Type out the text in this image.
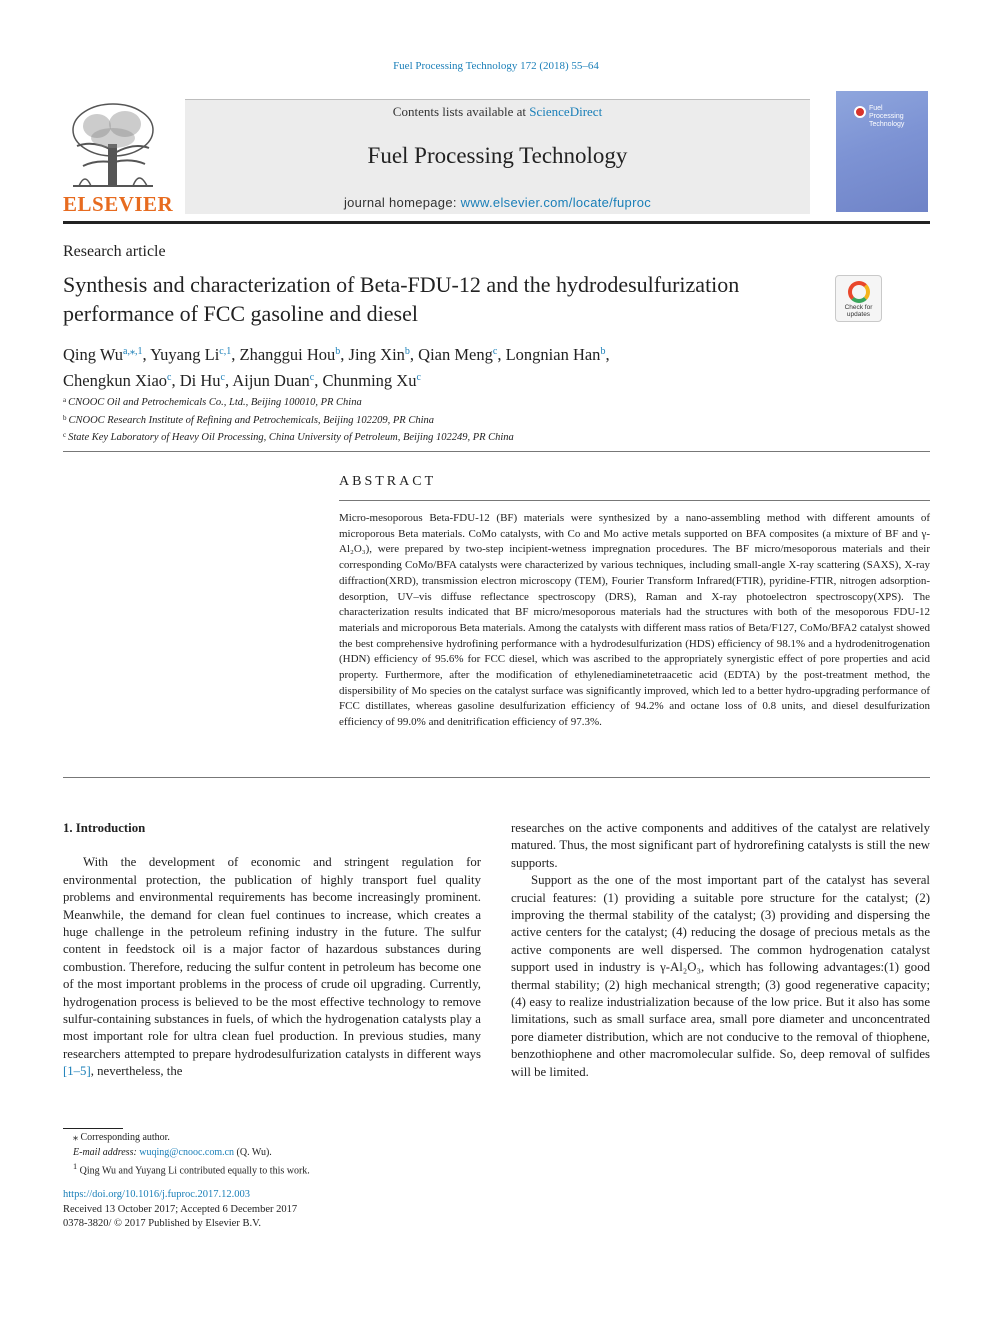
Fuel Processing Technology 172 (2018) 55–64
ELSEVIER
Contents lists available at ScienceDirect
Fuel Processing Technology
journal homepage: www.elsevier.com/locate/fuproc
Fuel
Processing
Technology
Research article
Synthesis and characterization of Beta-FDU-12 and the hydrodesulfurization performance of FCC gasoline and diesel	Check for
updates
Qing $Wu^{a,⁎,1}$, Yuyang Li$^{c,1}$, Zhanggui Hou$^b$, Jing Xin$^b$, Qian Meng$^c$, Longnian Han$^b$,
Chengkun Xiao$^c$, Di Hu$^c$, Aijun Duan$^c$, Chunming Xu$^c$
$^a$ CNOOC Oil and Petrochemicals Co., Ltd., Beijing 100010, PR China
$^b$ CNOOC Research Institute of Refining and Petrochemicals, Beijing 102209, PR China
$^c$ State Key Laboratory of Heavy Oil Processing, China University of Petroleum, Beijing 102249, PR China
ABSTRACT
Micro-mesoporous Beta-FDU-12 (BF) materials were synthesized by a nano-assembling method with different amounts of microporous Beta materials. CoMo catalysts, with Co and Mo active metals supported on BFA composites (a mixture of BF and γ-Al₂O₃), were prepared by two-step incipient-wetness impregnation procedures. The BF micro/mesoporous materials and their corresponding CoMo/BFA catalysts were characterized by various techniques, including small-angle X-ray scattering (SAXS), X-ray diffraction(XRD), transmission electron microscopy (TEM), Fourier Transform Infrared(FTIR), pyridine-FTIR, nitrogen adsorption-desorption, UV–vis diffuse reflectance spectroscopy (DRS), Raman and X-ray photoelectron spectroscopy(XPS). The characterization results indicated that BF micro/mesoporous materials had the structures with both of the mesoporous FDU-12 materials and microporous Beta materials. Among the catalysts with different mass ratios of Beta/F127, CoMo/BFA2 catalyst showed the best comprehensive hydrofining performance with a hydrodesulfurization (HDS) efficiency of 98.1% and a hydrodenitrogenation (HDN) efficiency of 95.6% for FCC diesel, which was ascribed to the appropriately synergistic effect of pore properties and acid property. Furthermore, after the modification of ethylenediaminetetraacetic acid (EDTA) by the post-treatment method, the dispersibility of Mo species on the catalyst surface was significantly improved, which led to a better hydro-upgrading performance of FCC distillates, whereas gasoline desulfurization efficiency of 94.2% and octane loss of 0.8 units, and diesel desulfurization efficiency of 99.0% and denitrification efficiency of 97.3%.
1. Introduction
With the development of economic and stringent regulation for environmental protection, the publication of highly transport fuel quality problems and environmental requirements has become increasingly prominent. Meanwhile, the demand for clean fuel continues to increase, which creates a huge challenge in the petroleum refining industry in the future. The sulfur content in feedstock oil is a major factor of hazardous substances during combustion. Therefore, reducing the sulfur content in petroleum has become one of the most important problems in the process of crude oil upgrading. Currently, hydrogenation process is believed to be the most effective technology to remove sulfur-containing substances in fuels, of which the hydrogenation catalysts play a most important role for ultra clean fuel production. In previous studies, many researchers attempted to prepare hydrodesulfurization catalysts in different ways [1–5], nevertheless, the
researches on the active components and additives of the catalyst are relatively matured. Thus, the most significant part of hydrorefining catalysts is still the new supports.
Support as the one of the most important part of the catalyst has several crucial features: (1) providing a suitable pore structure for the catalyst; (2) improving the thermal stability of the catalyst; (3) providing and dispersing the active centers for the catalyst; (4) reducing the dosage of precious metals as the active components are well dispersed. The common hydrogenation catalyst support used in industry is γ-Al₂O₃, which has following advantages:(1) good thermal stability; (2) high mechanical strength; (3) good regenerative capacity; (4) easy to realize industrialization because of the low price. But it also has some limitations, such as small surface area, small pore diameter and unconcentrated pore diameter distribution, which are not conducive to the removal of thiophene, benzothiophene and other macromolecular sulfide. So, deep removal of sulfides will be limited.
⁎ Corresponding author.
E-mail address: wuqing@cnooc.com.cn (Q. Wu).
$^1$ Qing Wu and Yuyang Li contributed equally to this work.
https://doi.org/10.1016/j.fuproc.2017.12.003
Received 13 October 2017; Accepted 6 December 2017
0378-3820/ © 2017 Published by Elsevier B.V.
